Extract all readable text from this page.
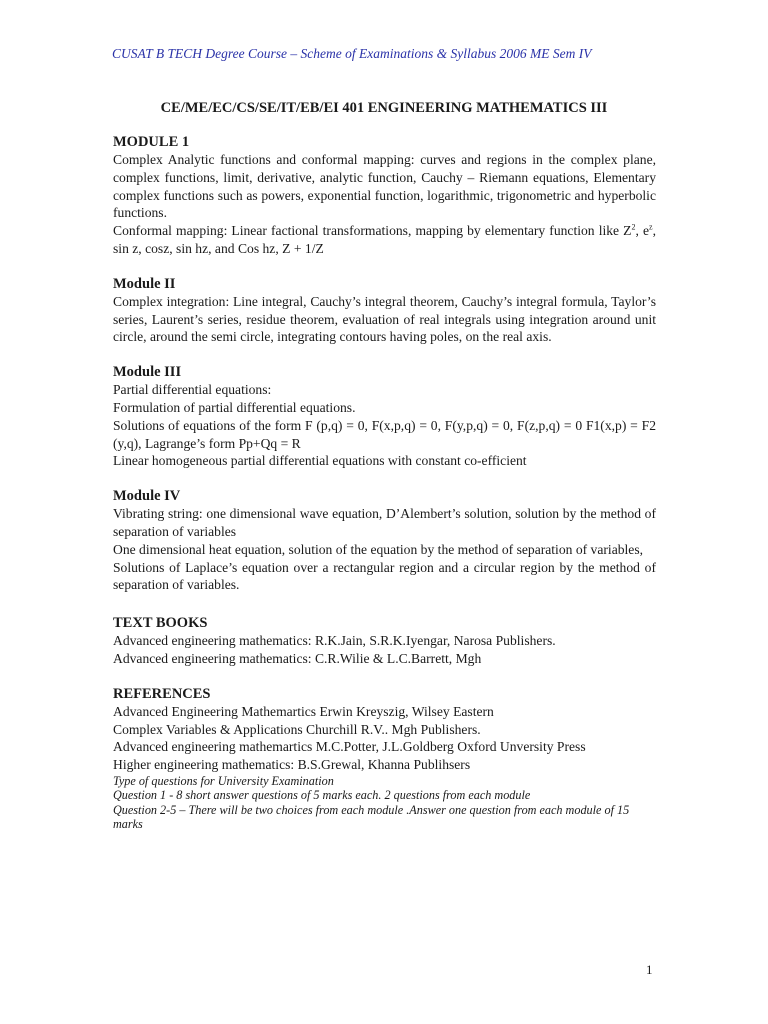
CUSAT B TECH Degree Course – Scheme of Examinations & Syllabus 2006 ME Sem IV
CE/ME/EC/CS/SE/IT/EB/EI 401 ENGINEERING MATHEMATICS III
MODULE 1
Complex Analytic functions and conformal mapping: curves and regions in the complex plane, complex functions, limit, derivative, analytic function, Cauchy – Riemann equations, Elementary complex functions such as powers, exponential function, logarithmic, trigonometric and hyperbolic functions.
Conformal mapping: Linear factional transformations, mapping by elementary function like $Z^2$, $e^z$, sin z, cosz, sin hz, and Cos hz, Z + 1/Z
Module II
Complex integration: Line integral, Cauchy’s integral theorem, Cauchy’s integral formula, Taylor’s series, Laurent’s series, residue theorem, evaluation of real integrals using integration around unit circle, around the semi circle, integrating contours having poles, on the real axis.
Module III
Partial differential equations:
Formulation of partial differential equations.
Solutions of equations of the form F (p,q) = 0, F(x,p,q) = 0, F(y,p,q) = 0, F(z,p,q) = 0 F1(x,p) = F2 (y,q), Lagrange’s form Pp+Qq = R
Linear homogeneous partial differential equations with constant co-efficient
Module IV
Vibrating string: one dimensional wave equation, D’Alembert’s solution, solution by the method of separation of variables
One dimensional heat equation, solution of the equation by the method of separation of variables,
Solutions of Laplace’s equation over a rectangular region and a circular region by the method of separation of variables.
TEXT BOOKS
Advanced engineering mathematics: R.K.Jain, S.R.K.Iyengar, Narosa Publishers.
Advanced engineering mathematics: C.R.Wilie & L.C.Barrett, Mgh
REFERENCES
Advanced Engineering Mathemartics Erwin Kreyszig, Wilsey Eastern
Complex Variables & Applications Churchill R.V.. Mgh Publishers.
Advanced engineering mathemartics M.C.Potter, J.L.Goldberg Oxford Unversity Press
Higher engineering mathematics: B.S.Grewal, Khanna Publihsers
Type of questions for University Examination
Question 1 - 8 short answer questions of 5 marks each. 2 questions from each module
Question 2-5 – There will be two choices from each module .Answer one question from each module of 15 marks
1
